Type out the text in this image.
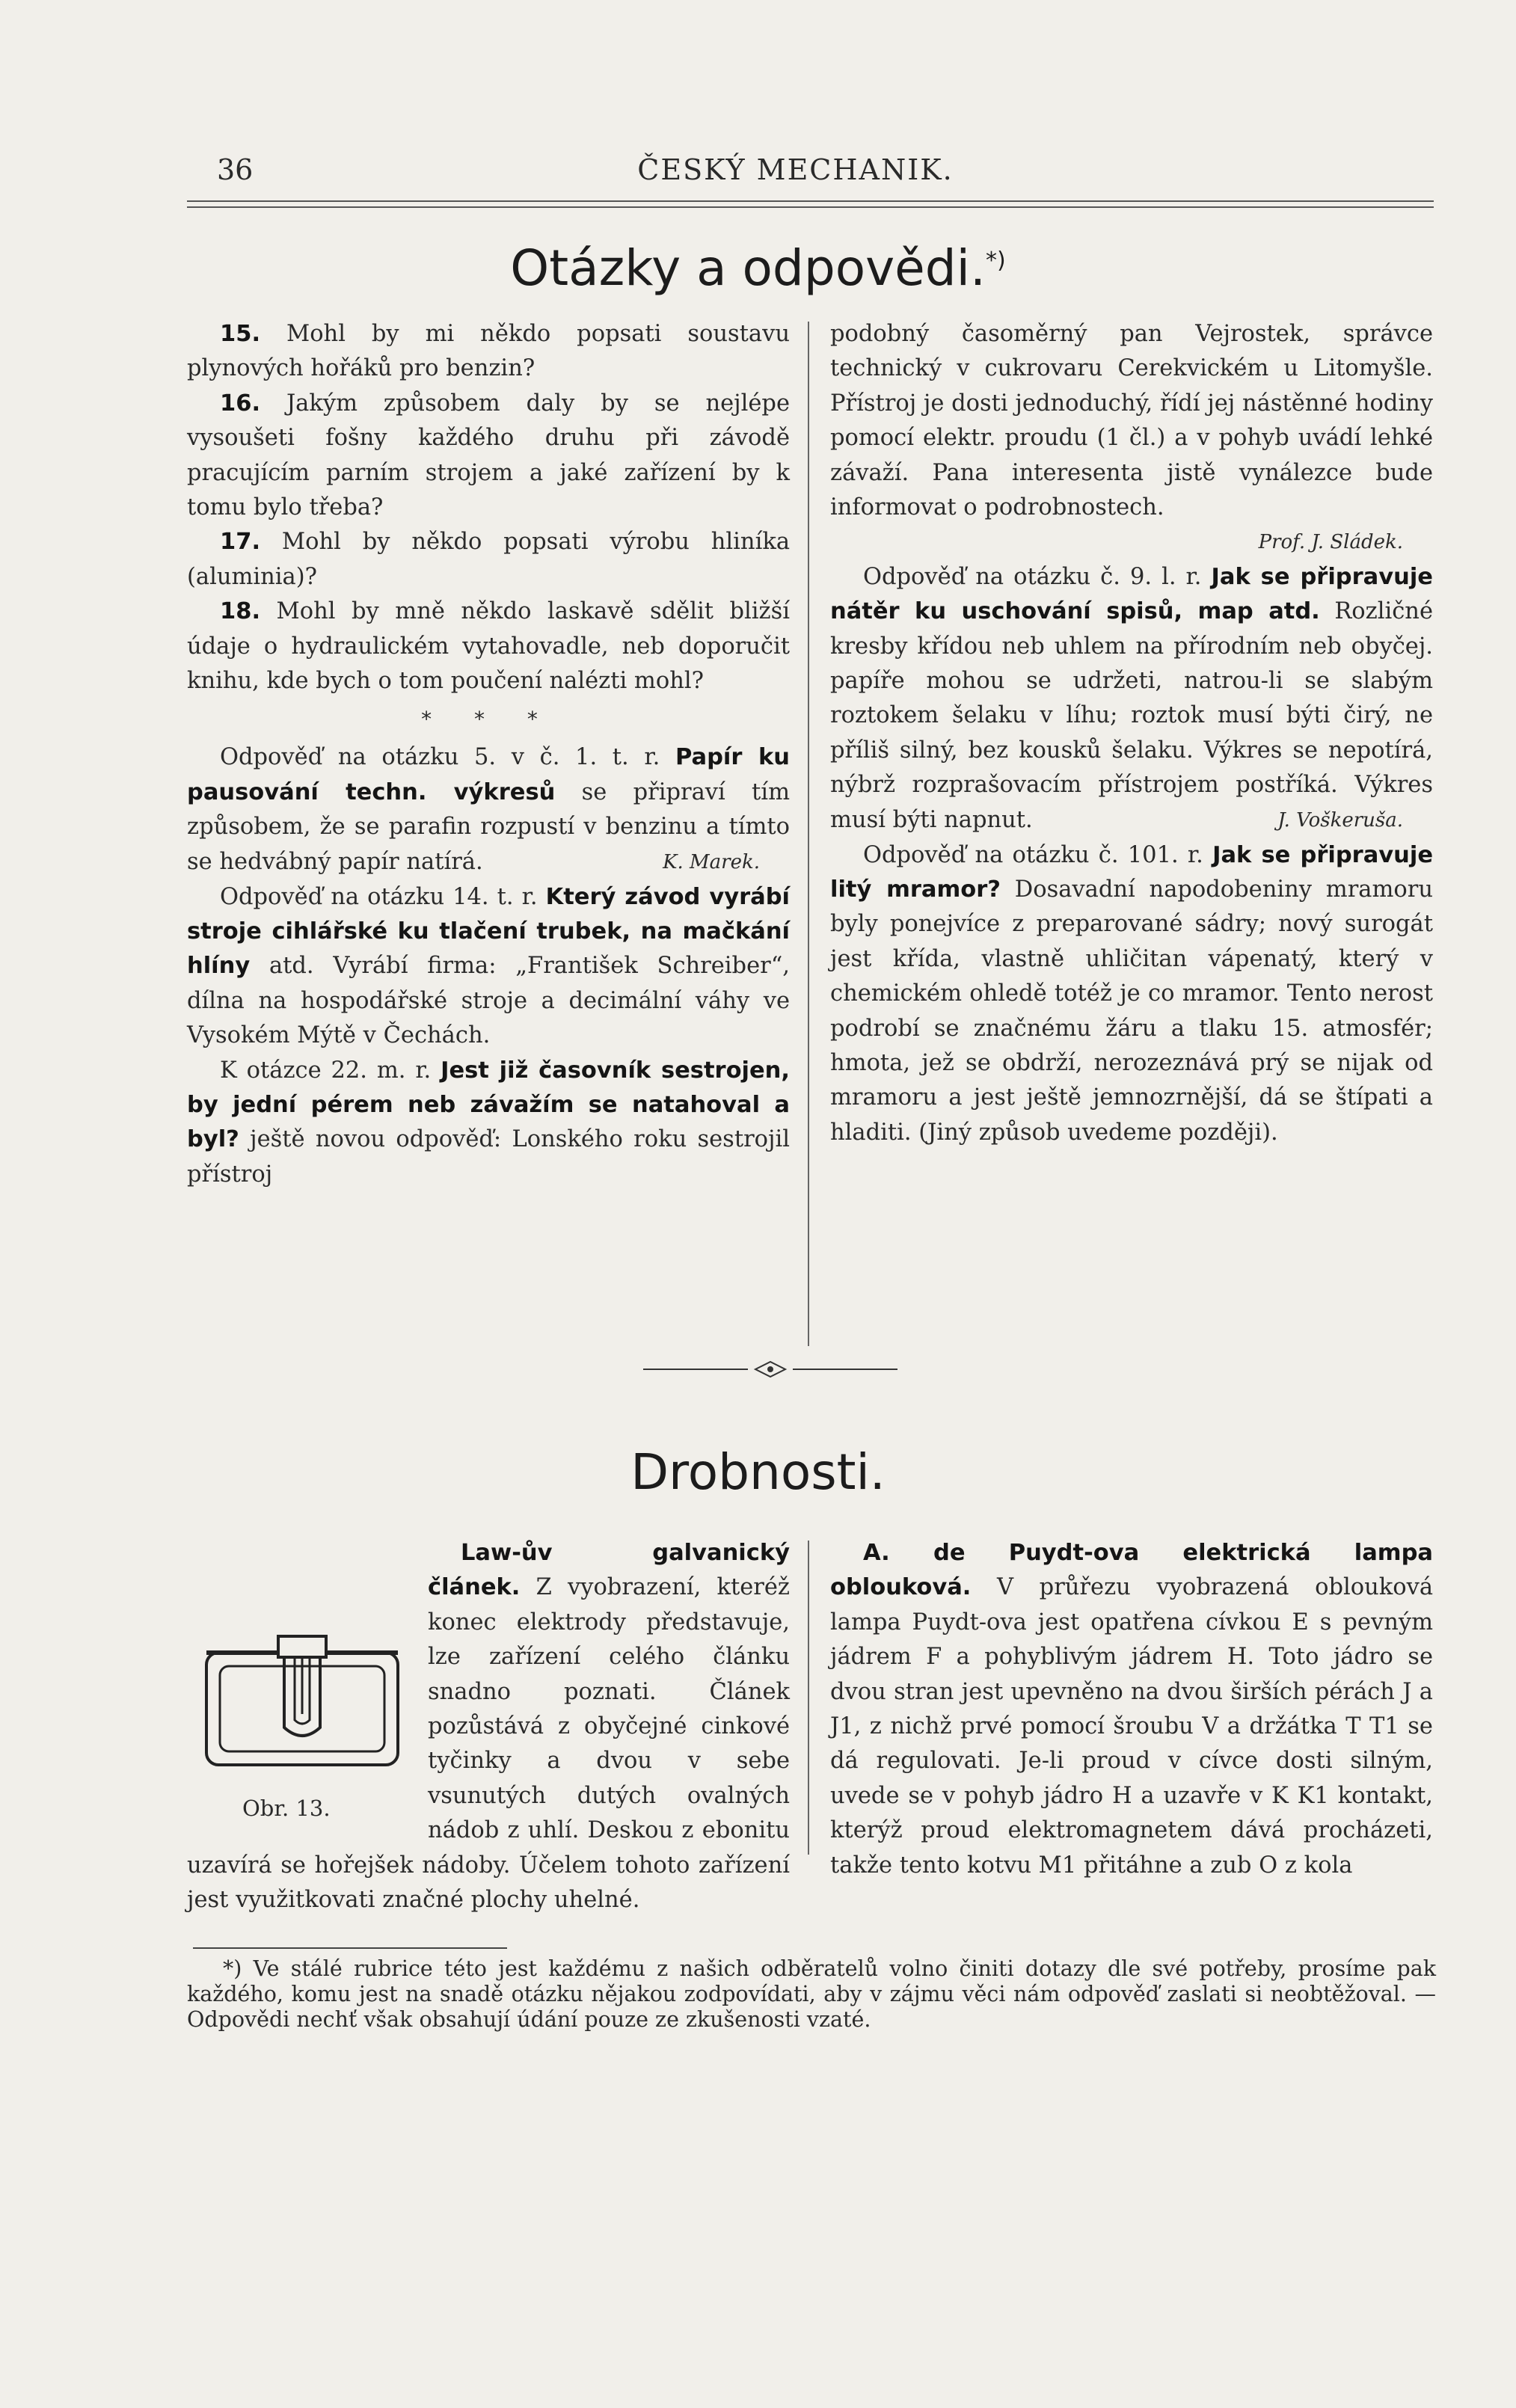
36	ČESKÝ MECHANIK.
Otázky a odpovědi.*)

15. Mohl by mi někdo popsati soustavu plynových hořáků pro benzin?

16. Jakým způsobem daly by se nejlépe vysoušeti fošny každého druhu při závodě pracujícím parním strojem a jaké zařízení by k tomu bylo třeba?

17. Mohl by někdo popsati výrobu hliníka (aluminia)?

18. Mohl by mně někdo laskavě sdělit bližší údaje o hydraulickém vytahovadle, neb doporučit knihu, kde bych o tom poučení nalézti mohl?

* * *

Odpověď na otázku 5. v č. 1. t. r. Papír ku pausování techn. výkresů se připraví tím způsobem, že se parafin rozpustí v benzinu a tímto se hedvábný papír natírá.	K. Marek.

Odpověď na otázku 14. t. r. Který závod vyrábí stroje cihlářské ku tlačení trubek, na mačkání hlíny atd. Vyrábí firma: „František Schreiber“, dílna na hospodářské stroje a decimální váhy ve Vysokém Mýtě v Čechách.

K otázce 22. m. r. Jest již časovník sestrojen, by jední pérem neb závažím se natahoval a byl? ještě novou odpověď: Lonského roku sestrojil přístroj

podobný časoměrný pan Vejrostek, správce technický v cukrovaru Cerekvickém u Litomyšle. Přístroj je dosti jednoduchý, řídí jej nástěnné hodiny pomocí elektr. proudu (1 čl.) a v pohyb uvádí lehké závaží. Pana interesenta jistě vynálezce bude informovat o podrobnostech.

Prof. J. Sládek.

Odpověď na otázku č. 9. l. r. Jak se připravuje nátěr ku uschování spisů, map atd. Rozličné kresby křídou neb uhlem na přírodním neb obyčej. papíře mohou se udržeti, natrou-li se slabým roztokem šelaku v líhu; roztok musí býti čirý, ne příliš silný, bez kousků šelaku. Výkres se nepotírá, nýbrž rozprašovacím přístrojem postříká. Výkres musí býti napnut.	J. Voškeruša.

Odpověď na otázku č. 101. r. Jak se připravuje litý mramor? Dosavadní napodobeniny mramoru byly ponejvíce z preparované sádry; nový surogát jest křída, vlastně uhličitan vápenatý, který v chemickém ohledě totéž je co mramor. Tento nerost podrobí se značnému žáru a tlaku 15. atmosfér; hmota, jež se obdrží, nerozeznává prý se nijak od mramoru a jest ještě jemnozrnější, dá se štípati a hladiti. (Jiný způsob uvedeme později).

Drobnosti.
Obr. 13.

Law-ův galvanický článek. Z vyobrazení, kteréž konec elektrody představuje, lze zařízení celého článku snadno poznati. Článek pozůstává z obyčejné cinkové tyčinky a dvou v sebe vsunutých dutých ovalných nádob z uhlí. Deskou z ebonitu uzavírá se hořejšek nádoby. Účelem tohoto zařízení jest využitkovati značné plochy uhelné.

A. de Puydt-ova elektrická lampa oblouková. V průřezu vyobrazená oblouková lampa Puydt-ova jest opatřena cívkou E s pevným jádrem F a pohyblivým jádrem H. Toto jádro se dvou stran jest upevněno na dvou širších pérách J a J1, z nichž prvé pomocí šroubu V a držátka T T1 se dá regulovati. Je-li proud v cívce dosti silným, uvede se v pohyb jádro H a uzavře v K K1 kontakt, kterýž proud elektromagnetem dává procházeti, takže tento kotvu M1 přitáhne a zub O z kola

*) Ve stálé rubrice této jest každému z našich odběratelů volno činiti dotazy dle své potřeby, prosíme pak každého, komu jest na snadě otázku nějakou zodpovídati, aby v zájmu věci nám odpověď zaslati si neobtěžoval. — Odpovědi nechť však obsahují údání pouze ze zkušenosti vzaté.
